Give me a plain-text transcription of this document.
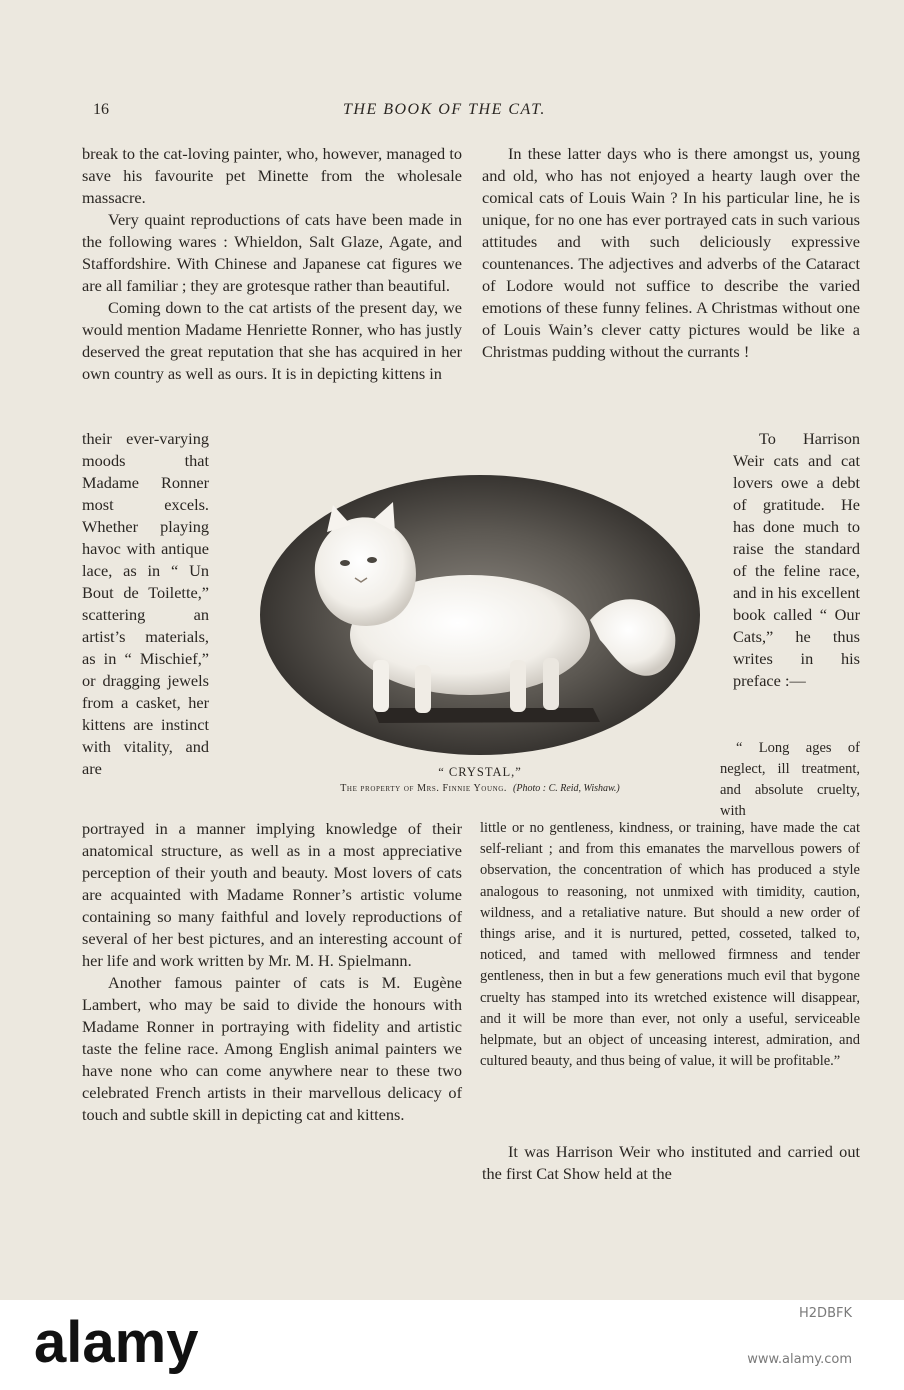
16	THE BOOK OF THE CAT.

break to the cat-loving painter, who, however, managed to save his favourite pet Minette from the wholesale massacre.

Very quaint reproductions of cats have been made in the following wares : Whieldon, Salt Glaze, Agate, and Staffordshire. With Chinese and Japanese cat figures we are all familiar ; they are grotesque rather than beautiful.

Coming down to the cat artists of the present day, we would mention Madame Henriette Ronner, who has justly deserved the great reputation that she has acquired in her own country as well as ours. It is in depicting kittens in

their ever-varying moods that Madame Ronner most excels. Whether playing havoc with antique lace, as in “ Un Bout de Toilette,” scattering an artist’s materials, as in “ Mischief,” or dragging jewels from a casket, her kittens are instinct with vitality, and are

portrayed in a manner implying knowledge of their anatomical structure, as well as in a most appreciative perception of their youth and beauty. Most lovers of cats are acquainted with Madame Ronner’s artistic volume containing so many faithful and lovely reproductions of several of her best pictures, and an interesting account of her life and work written by Mr. M. H. Spielmann.

Another famous painter of cats is M. Eugène Lambert, who may be said to divide the honours with Madame Ronner in portraying with fidelity and artistic taste the feline race. Among English animal painters we have none who can come anywhere near to these two celebrated French artists in their marvellous delicacy of touch and subtle skill in depicting cat and kittens.

In these latter days who is there amongst us, young and old, who has not enjoyed a hearty laugh over the comical cats of Louis Wain ? In his particular line, he is unique, for no one has ever portrayed cats in such various attitudes and with such deliciously expressive countenances. The adjectives and adverbs of the Cataract of Lodore would not suffice to describe the varied emotions of these funny felines. A Christmas without one of Louis Wain’s clever catty pictures would be like a Christmas pudding without the currants !

To Harrison Weir cats and cat lovers owe a debt of gratitude. He has done much to raise the standard of the feline race, and in his excellent book called “ Our Cats,” he thus writes in his preface :—

“ Long ages of neglect, ill treatment, and absolute cruelty, with

little or no gentleness, kindness, or training, have made the cat self-reliant ; and from this emanates the marvellous powers of observation, the concentration of which has produced a style analogous to reasoning, not unmixed with timidity, caution, wildness, and a retaliative nature. But should a new order of things arise, and it is nurtured, petted, cosseted, talked to, noticed, and tamed with mellowed firmness and tender gentleness, then in but a few generations much evil that bygone cruelty has stamped into its wretched existence will disappear, and it will be more than ever, not only a useful, serviceable helpmate, but an object of unceasing interest, admiration, and cultured beauty, and thus being of value, it will be profitable.”

It was Harrison Weir who instituted and carried out the first Cat Show held at the

“ CRYSTAL,”
The property of Mrs. Finnie Young. (Photo : C. Reid, Wishaw.)
alamy	H2DBFK
www.alamy.com
